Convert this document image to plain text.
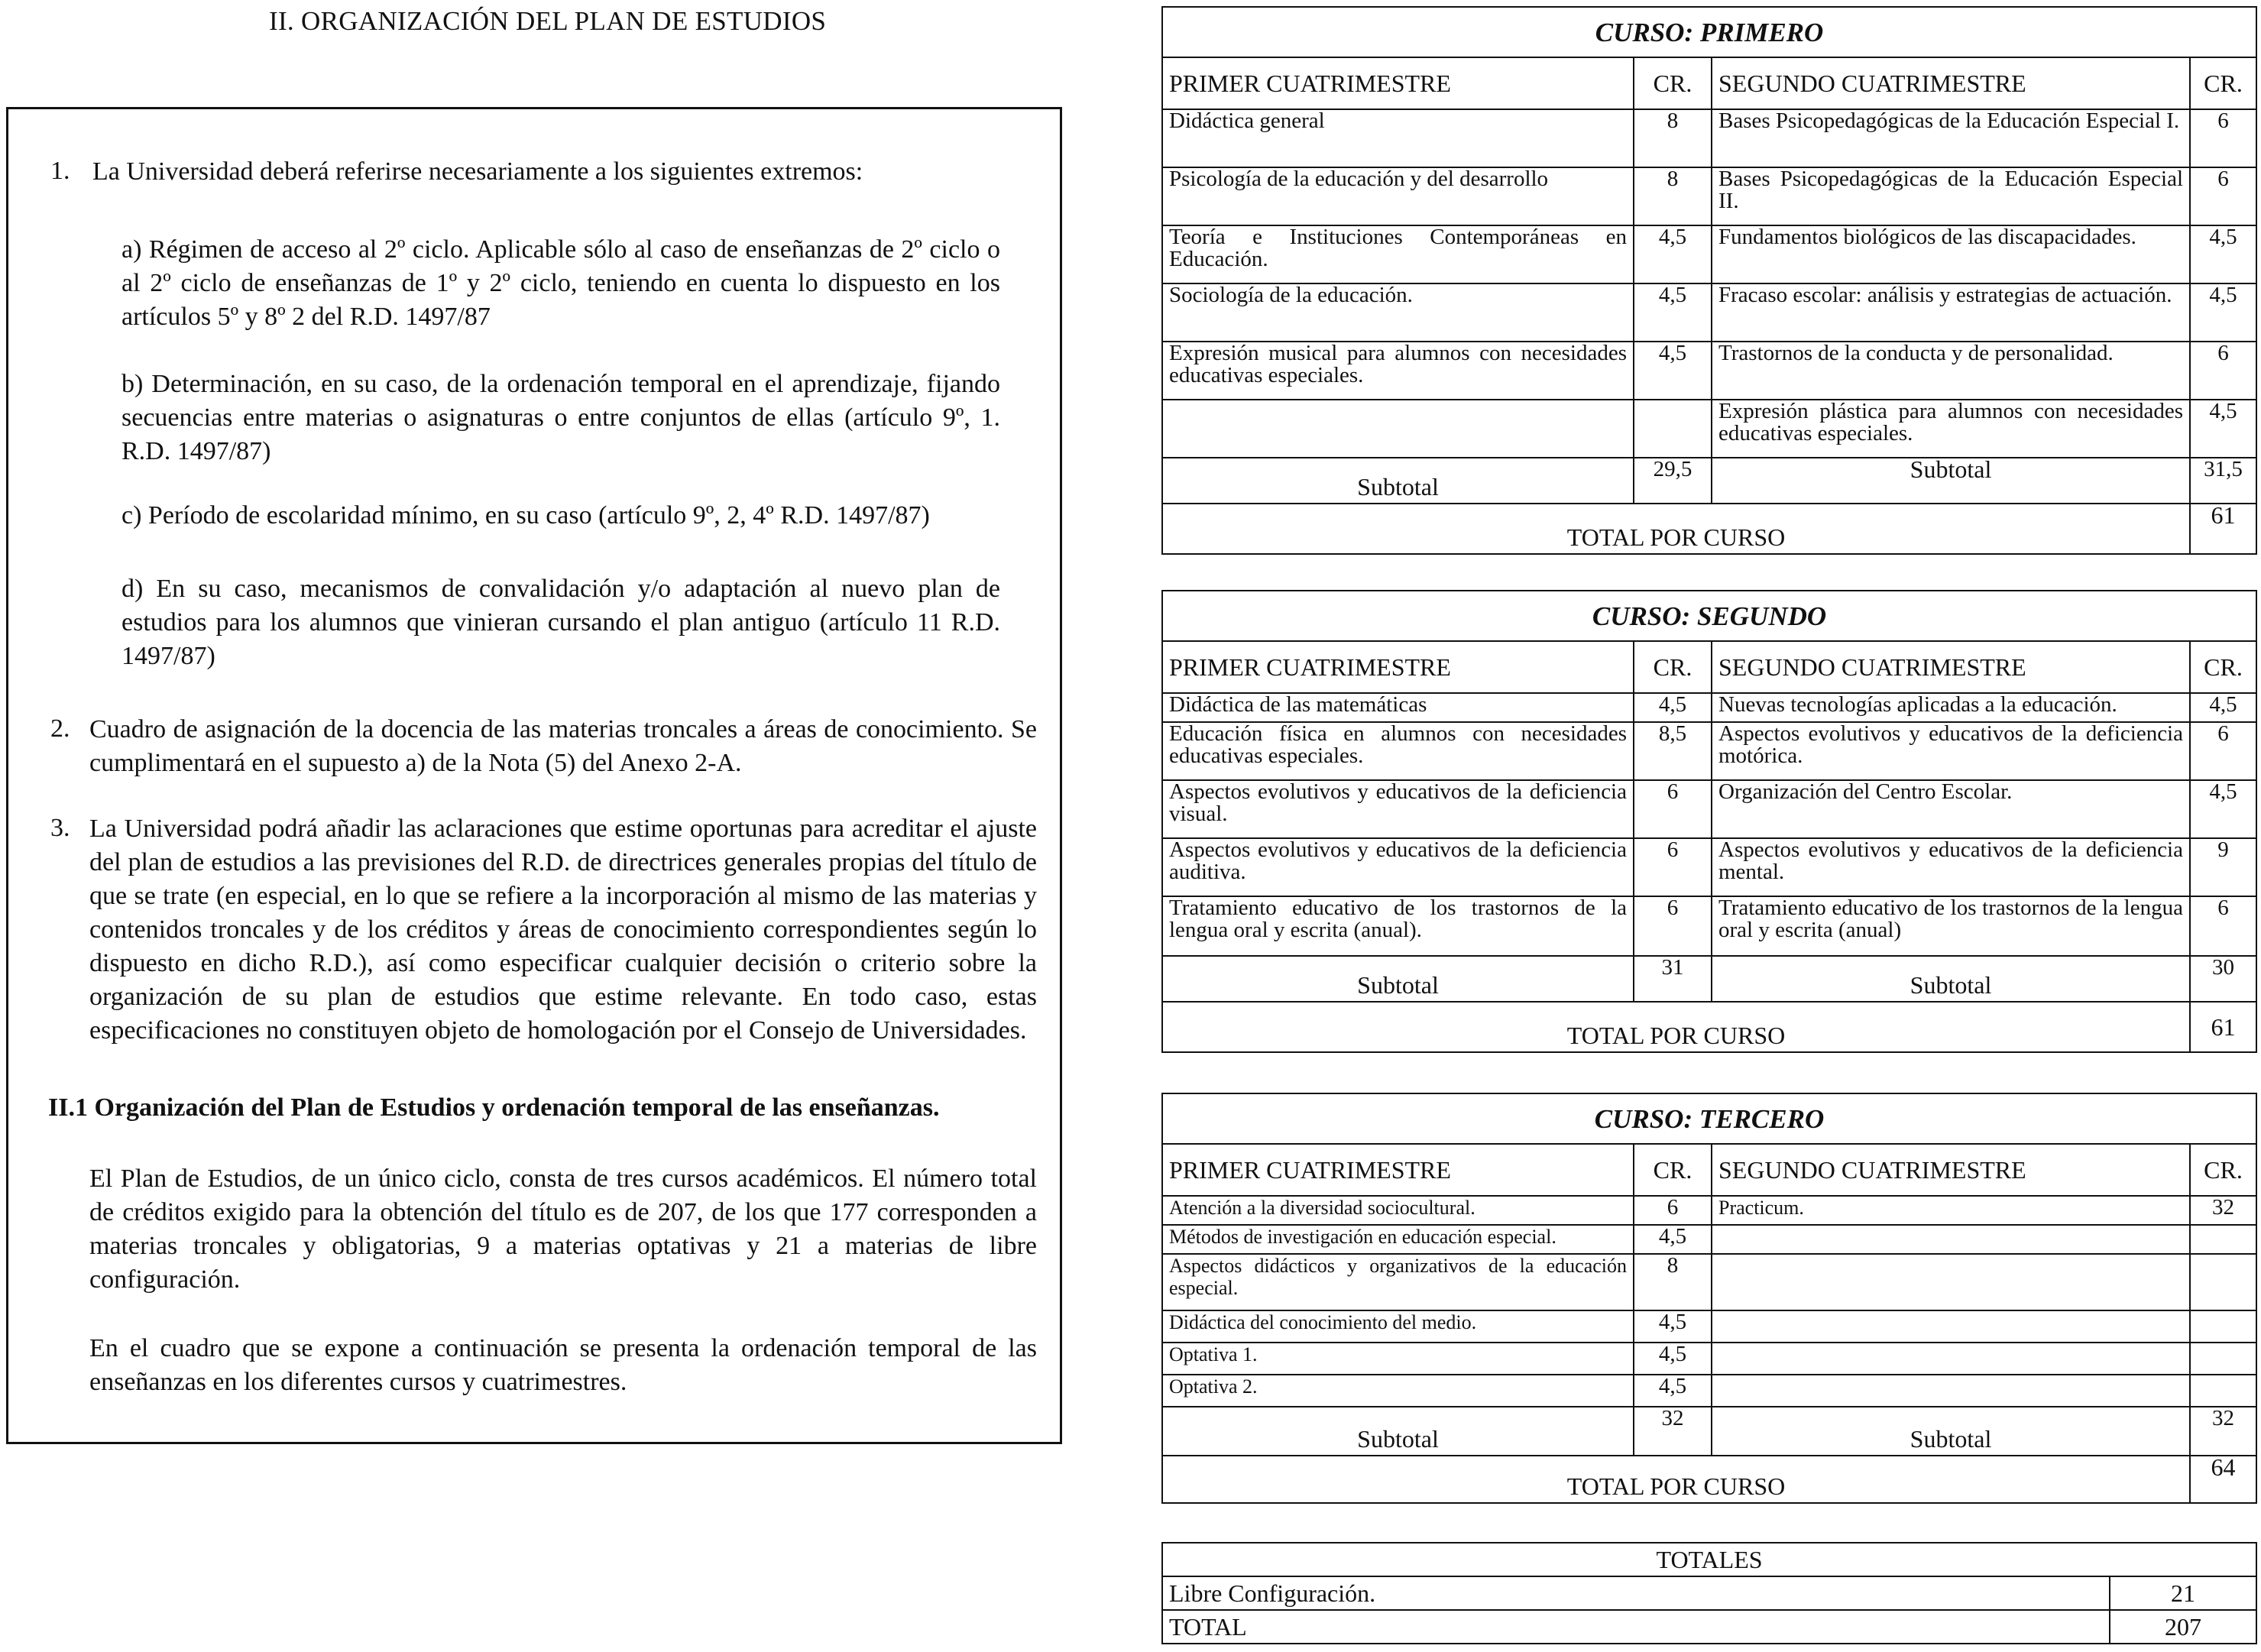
II. ORGANIZACIÓN DEL PLAN DE ESTUDIOS
1. La Universidad deberá referirse necesariamente a los siguientes extremos:
a) Régimen de acceso al 2º ciclo. Aplicable sólo al caso de enseñanzas de 2º ciclo o al 2º ciclo de enseñanzas de 1º y 2º ciclo, teniendo en cuenta lo dispuesto en los artículos 5º y 8º 2 del R.D. 1497/87
b) Determinación, en su caso, de la ordenación temporal en el aprendizaje, fijando secuencias entre materias o asignaturas o entre conjuntos de ellas (artículo 9º, 1. R.D. 1497/87)
c) Período de escolaridad mínimo, en su caso (artículo 9º, 2, 4º R.D. 1497/87)
d) En su caso, mecanismos de convalidación y/o adaptación al nuevo plan de estudios para los alumnos que vinieran cursando el plan antiguo (artículo 11 R.D. 1497/87)
2. Cuadro de asignación de la docencia de las materias troncales a áreas de conocimiento. Se cumplimentará en el supuesto a) de la Nota (5) del Anexo 2-A.
3. La Universidad podrá añadir las aclaraciones que estime oportunas para acreditar el ajuste del plan de estudios a las previsiones del R.D. de directrices generales propias del título de que se trate (en especial, en lo que se refiere a la incorporación al mismo de las materias y contenidos troncales y de los créditos y áreas de conocimiento correspondientes según lo dispuesto en dicho R.D.), así como especificar cualquier decisión o criterio sobre la organización de su plan de estudios que estime relevante. En todo caso, estas especificaciones no constituyen objeto de homologación por el Consejo de Universidades.
II.1 Organización del Plan de Estudios y ordenación temporal de las enseñanzas.
El Plan de Estudios, de un único ciclo, consta de tres cursos académicos. El número total de créditos exigido para la obtención del título es de 207, de los que 177 corresponden a materias troncales y obligatorias, 9 a materias optativas y 21 a materias de libre configuración.
En el cuadro que se expone a continuación se presenta la ordenación temporal de las enseñanzas en los diferentes cursos y cuatrimestres.
CURSO: PRIMERO			
PRIMER CUATRIMESTRE	CR.	SEGUNDO CUATRIMESTRE	CR.
Didáctica general	8	Bases Psicopedagógicas de la Educación Especial I.	6
Psicología de la educación y del desarrollo	8	Bases Psicopedagógicas de la Educación Especial II.	6
Teoría e Instituciones Contemporáneas en Educación.	4,5	Fundamentos biológicos de las discapacidades.	4,5
Sociología de la educación.	4,5	Fracaso escolar: análisis y estrategias de actuación.	4,5
Expresión musical para alumnos con necesidades educativas especiales.	4,5	Trastornos de la conducta y de personalidad.	6
		Expresión plástica para alumnos con necesidades educativas especiales.	4,5
Subtotal	29,5	Subtotal	31,5
TOTAL POR CURSO			61
CURSO: SEGUNDO			
PRIMER CUATRIMESTRE	CR.	SEGUNDO CUATRIMESTRE	CR.
Didáctica de las matemáticas	4,5	Nuevas tecnologías aplicadas a la educación.	4,5
Educación física en alumnos con necesidades educativas especiales.	8,5	Aspectos evolutivos y educativos de la deficiencia motórica.	6
Aspectos evolutivos y educativos de la deficiencia visual.	6	Organización del Centro Escolar.	4,5
Aspectos evolutivos y educativos de la deficiencia auditiva.	6	Aspectos evolutivos y educativos de la deficiencia mental.	9
Tratamiento educativo de los trastornos de la lengua oral y escrita (anual).	6	Tratamiento educativo de los trastornos de la lengua oral y escrita (anual)	6
Subtotal	31	Subtotal	30
TOTAL POR CURSO			61
CURSO: TERCERO			
PRIMER CUATRIMESTRE	CR.	SEGUNDO CUATRIMESTRE	CR.
Atención a la diversidad sociocultural.	6	Practicum.	32
Métodos de investigación en educación especial.	4,5		
Aspectos didácticos y organizativos de la educación especial.	8		
Didáctica del conocimiento del medio.	4,5		
Optativa 1.	4,5		
Optativa 2.	4,5		
Subtotal	32	Subtotal	32
TOTAL POR CURSO			64
TOTALES	
Libre Configuración.	21
TOTAL	207
